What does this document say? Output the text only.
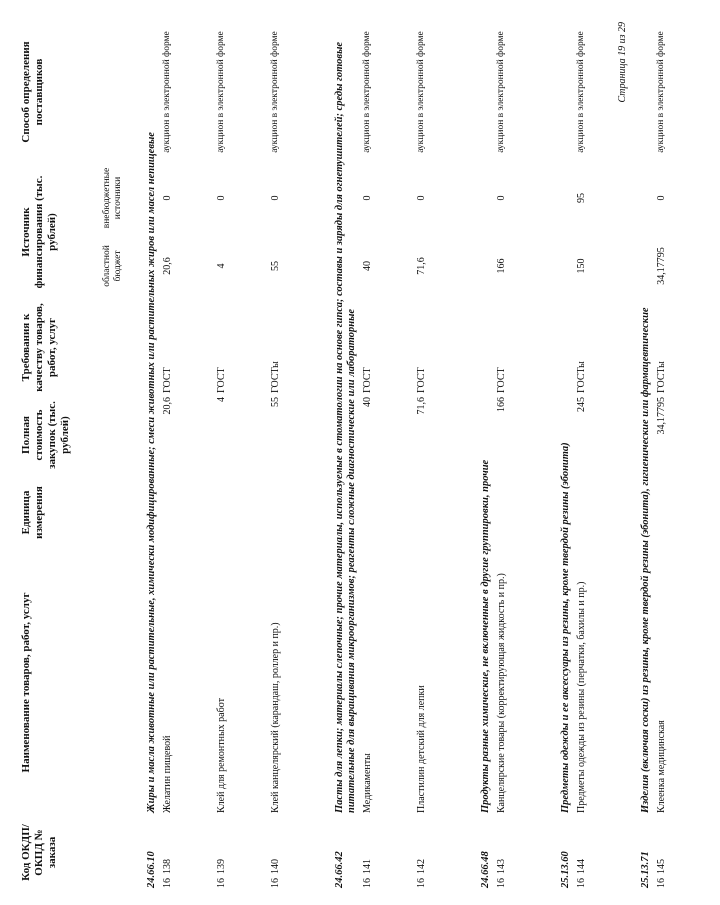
Код ОКДП/ ОКПД № заказа	Наименование товаров, работ, услуг	Единица измерения	Полная стоимость закупок (тыс. рублей)	Требования к качеству товаров, работ, услуг	Источник финансирования (тыс. рублей)		Способ определения поставщиков
					областной бюджет	внебюджетные источники	

24.66.10	Жиры и масла животные или растительные, химически модифицированные; смеси животных или растительных жиров или масел непищевые						
16138	Желатин пищевой		20,6	ГОСТ	20,6	0	аукцион в электронной форме
16139	Клей для ремонтных работ		4	ГОСТ	4	0	аукцион в электронной форме
16140	Клей канцелярский (карандаш, роллер и пр.)		55	ГОСТы	55	0	аукцион в электронной форме

24.66.42	Пасты для лепки; материалы слепочные; прочие материалы, используемые в стоматологии на основе гипса; составы и заряды для огнетушителей; среды готовые питательные для выращивания микроорганизмов; реагенты сложные диагностические или лабораторные						
16141	Медикаменты		40	ГОСТ	40	0	аукцион в электронной форме
16142	Пластилин детский для лепки		71,6	ГОСТ	71,6	0	аукцион в электронной форме

24.66.48	Продукты разные химические, не включенные в другие группировки, прочие						
16143	Канцелярские товары (корректирующая жидкость и пр.)		166	ГОСТ	166	0	аукцион в электронной форме

25.13.60	Предметы одежды и ее аксессуары из резины, кроме твердой резины (эбонита)						
16144	Предметы одежды из резины (перчатки, бахилы и пр.)		245	ГОСТы	150	95	аукцион в электронной форме

25.13.71	Изделия (включая соски) из резины, кроме твердой резины (эбонита), гигиенические или фармацевтические						
16145	Клеенка медицинская		34,17795	ГОСТы	34,17795	0	аукцион в электронной форме

Страница 19 из 29
